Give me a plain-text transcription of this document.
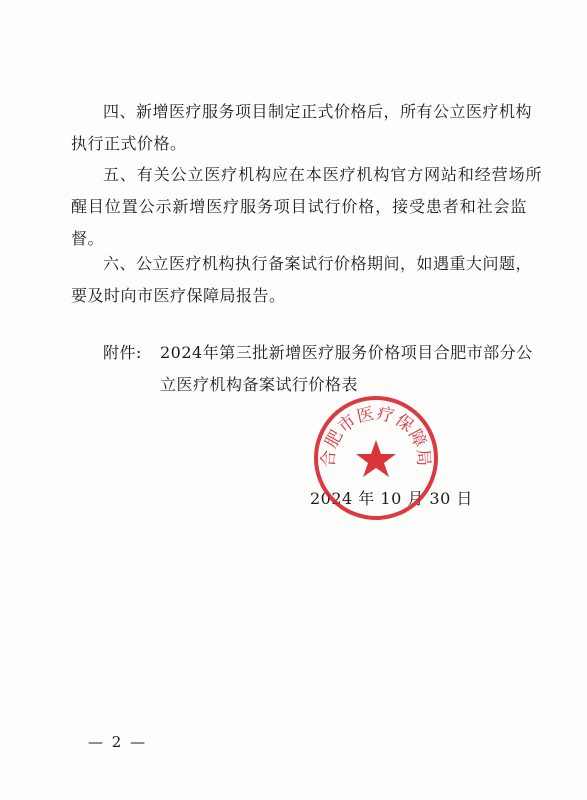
四、新增医疗服务项目制定正式价格后，所有公立医疗机构
执行正式价格。
五、有关公立医疗机构应在本医疗机构官方网站和经营场所
醒目位置公示新增医疗服务项目试行价格，接受患者和社会监
督。
六、公立医疗机构执行备案试行价格期间，如遇重大问题，
要及时向市医疗保障局报告。
附件: 2024年第三批新增医疗服务价格项目合肥市部分公
立医疗机构备案试行价格表
2024 年 10 月 30 日
合肥市医疗保障局
— 2 —
